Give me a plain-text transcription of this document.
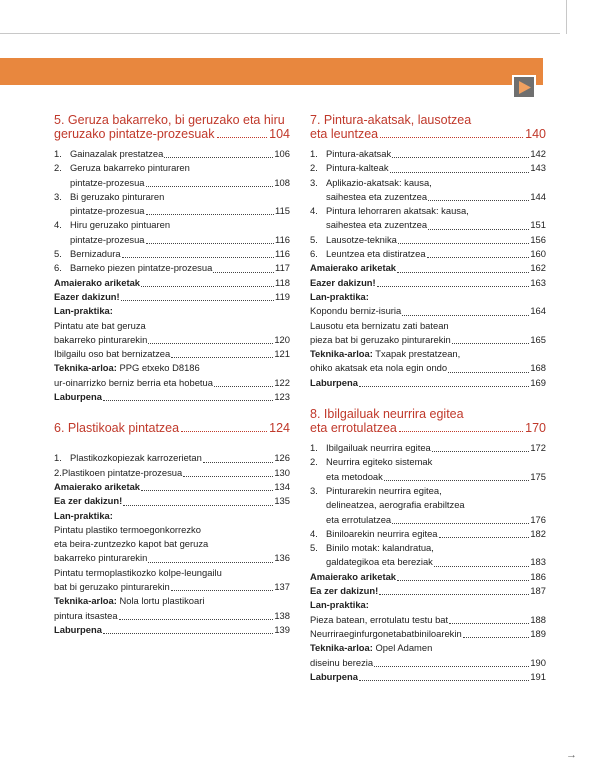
5. Geruza bakarreko, bi geruzako eta hiru
geruzako pintatze-prozesuak	104
1. Gainazalak prestatzea	106
2. Geruza bakarreko pinturaren
pintatze-prozesua	108
3. Bi geruzako pinturaren
pintatze-prozesua	115
4. Hiru geruzako pintuaren
pintatze-prozesua	116
5. Bernizadura	116
6. Barneko piezen pintatze-prozesua	117
Amaierako ariketak	118
Eazer dakizun!	119
Lan-praktika:
Pintatu ate bat geruza
bakarreko pinturarekin	120
Ibilgailu oso bat bernizatzea	121
Teknika-arloa: PPG etxeko D8186
ur-oinarrizko berniz berria eta hobetua	122
Laburpena	123
6. Plastikoak pintatzea	124
1. Plastikozkopiezak karrozerietan	126
2.Plastikoen pintatze-prozesua	130
Amaierako ariketak	134
Ea zer dakizun!	135
Lan-praktika:
Pintatu plastiko termoegonkorrezko
eta beira-zuntzezko kapot bat geruza
bakarreko pinturarekin	136
Pintatu termoplastikozko kolpe-leungailu
bat bi geruzako pinturarekin	137
Teknika-arloa: Nola lortu plastikoari
pintura itsastea	138
Laburpena	139
7. Pintura-akatsak, lausotzea
eta leuntzea	140
1. Pintura-akatsak	142
2. Pintura-kalteak	143
3. Aplikazio-akatsak: kausa,
saihestea eta zuzentzea	144
4. Pintura lehorraren akatsak: kausa,
saihestea eta zuzentzea	151
5. Lausotze-teknika	156
6. Leuntzea eta distiratzea	160
Amaierako ariketak	162
Eazer dakizun!	163
Lan-praktika:
Kopondu berniz-isuria	164
Lausotu eta bernizatu zati batean
pieza bat bi geruzako pinturarekin	165
Teknika-arloa: Txapak prestatzean,
ohiko akatsak eta nola egin ondo	168
Laburpena	169
8. Ibilgailuak neurrira egitea
eta errotulatzea	170
1. Ibilgailuak neurrira egitea	172
2. Neurrira egiteko sistemak
eta metodoak	175
3. Pinturarekin neurrira egitea,
delineatzea, aerografia erabiltzea
eta errotulatzea	176
4. Biniloarekin neurrira egitea	182
5. Binilo motak: kalandratua,
galdategikoa eta bereziak	183
Amaierako ariketak	186
Ea zer dakizun!	187
Lan-praktika:
Pieza batean, errotulatu testu bat	188
Neurriraeginfurgonetabatbiniloarekin	189
Teknika-arloa: Opel Adamen
diseinu berezia	190
Laburpena	191
→
